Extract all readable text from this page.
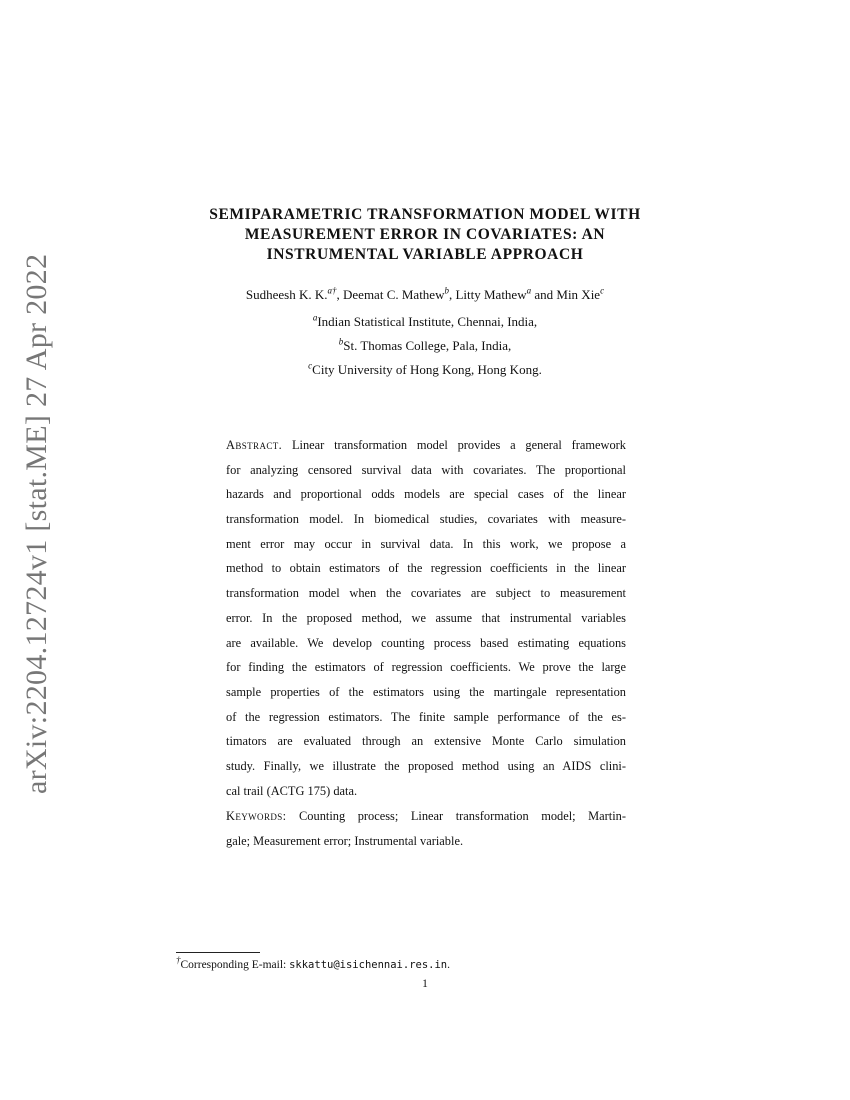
arXiv:2204.12724v1 [stat.ME] 27 Apr 2022
SEMIPARAMETRIC TRANSFORMATION MODEL WITH
MEASUREMENT ERROR IN COVARIATES: AN
INSTRUMENTAL VARIABLE APPROACH
Sudheesh K. K.$^{a\dagger}$, Deemat C. Mathew$^b$, Litty Mathew$^a$ and Min Xie$^c$
$^a$Indian Statistical Institute, Chennai, India,
$^b$St. Thomas College, Pala, India,
$^c$City University of Hong Kong, Hong Kong.
Abstract. Linear transformation model provides a general framework
for analyzing censored survival data with covariates. The proportional
hazards and proportional odds models are special cases of the linear
transformation model. In biomedical studies, covariates with measure-
ment error may occur in survival data. In this work, we propose a
method to obtain estimators of the regression coefficients in the linear
transformation model when the covariates are subject to measurement
error. In the proposed method, we assume that instrumental variables
are available. We develop counting process based estimating equations
for finding the estimators of regression coefficients. We prove the large
sample properties of the estimators using the martingale representation
of the regression estimators. The finite sample performance of the es-
timators are evaluated through an extensive Monte Carlo simulation
study. Finally, we illustrate the proposed method using an AIDS clini-
cal trail (ACTG 175) data.
Keywords: Counting process; Linear transformation model; Martin-
gale; Measurement error; Instrumental variable.
†Corresponding E-mail: skkattu@isichennai.res.in.
1
